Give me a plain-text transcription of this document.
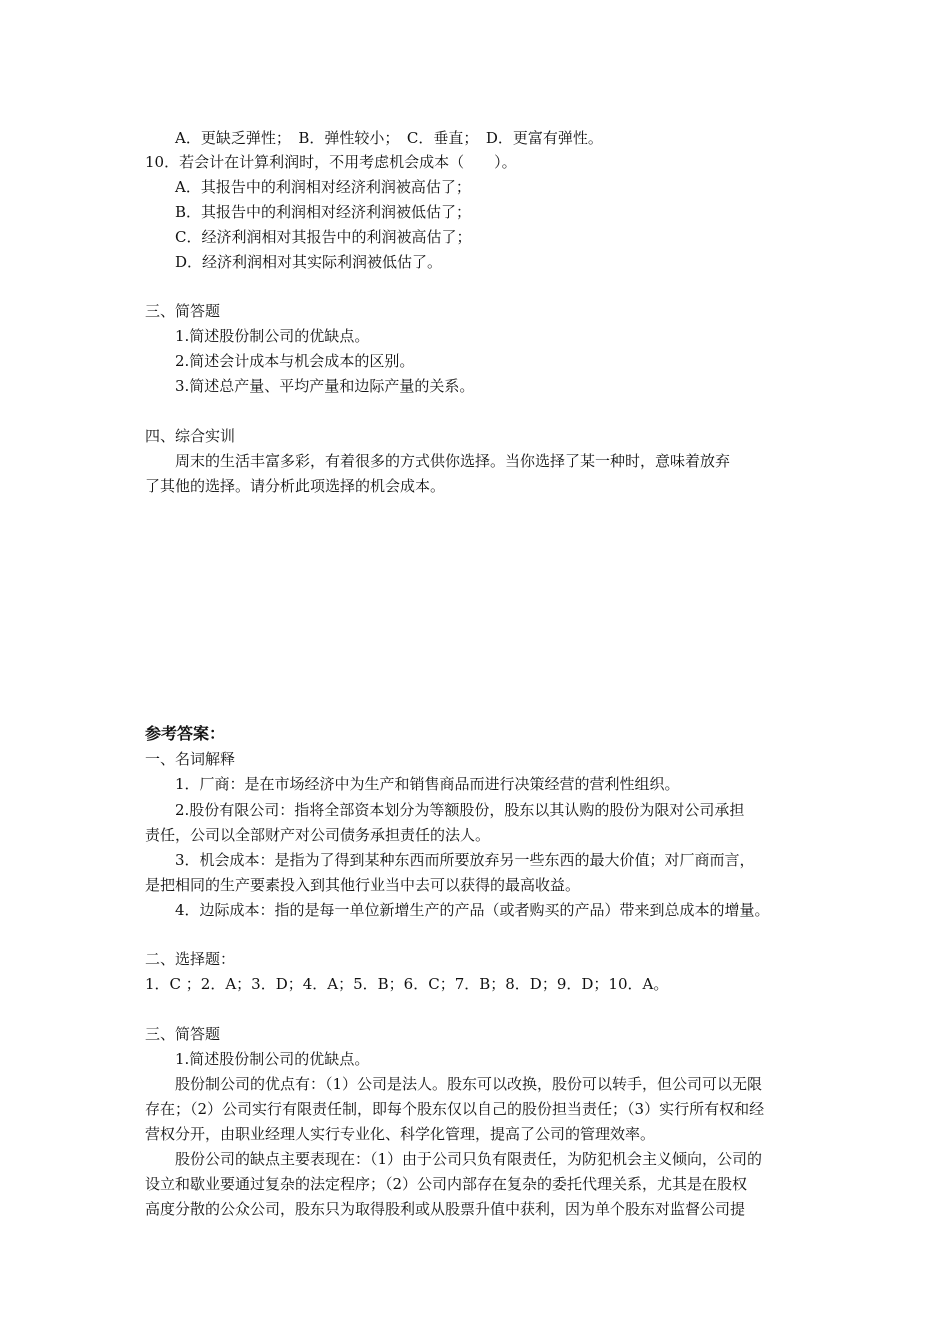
A．更缺乏弹性；　B．弹性较小；　C．垂直；　D．更富有弹性。
10．若会计在计算利润时，不用考虑机会成本（　　）。
A．其报告中的利润相对经济利润被高估了；
B．其报告中的利润相对经济利润被低估了；
C．经济利润相对其报告中的利润被高估了；
D．经济利润相对其实际利润被低估了。
三、简答题
1.简述股份制公司的优缺点。
2.简述会计成本与机会成本的区别。
3.简述总产量、平均产量和边际产量的关系。
四、综合实训
周末的生活丰富多彩，有着很多的方式供你选择。当你选择了某一种时，意味着放弃
了其他的选择。请分析此项选择的机会成本。
参考答案：
一、名词解释
1．厂商：是在市场经济中为生产和销售商品而进行决策经营的营利性组织。
2.股份有限公司：指将全部资本划分为等额股份，股东以其认购的股份为限对公司承担
责任，公司以全部财产对公司债务承担责任的法人。
3．机会成本：是指为了得到某种东西而所要放弃另一些东西的最大价值；对厂商而言，
是把相同的生产要素投入到其他行业当中去可以获得的最高收益。
4．边际成本：指的是每一单位新增生产的产品（或者购买的产品）带来到总成本的增量。
二、选择题：
1．C ；2．A；3．D；4．A；5．B；6．C；7．B；8．D；9．D；10．A。
三、简答题
1.简述股份制公司的优缺点。
股份制公司的优点有：（1）公司是法人。股东可以改换，股份可以转手，但公司可以无限
存在；（2）公司实行有限责任制，即每个股东仅以自己的股份担当责任；（3）实行所有权和经
营权分开，由职业经理人实行专业化、科学化管理，提高了公司的管理效率。
股份公司的缺点主要表现在：（1）由于公司只负有限责任，为防犯机会主义倾向，公司的
设立和歇业要通过复杂的法定程序；（2）公司内部存在复杂的委托代理关系，尤其是在股权
高度分散的公众公司，股东只为取得股利或从股票升值中获利，因为单个股东对监督公司提
